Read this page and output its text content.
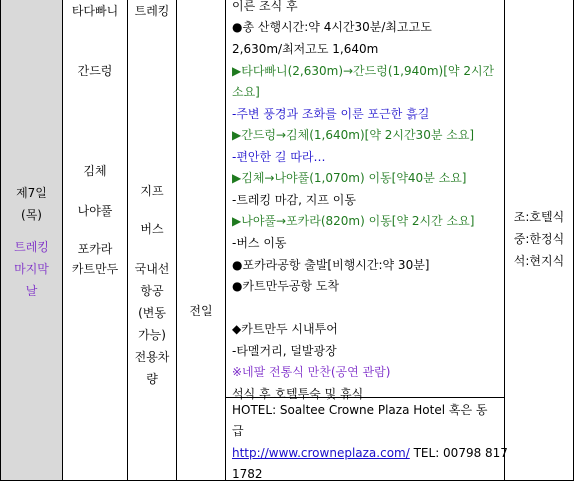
제7일
(목)
트레킹
마지막
날
타다빠니
간드렁
김체
나야풀
포카라
카트만두
트레킹
지프
버스
국내선
항공
(변동
가능)
전용차
량
전일
이른 조식 후
●총 산행시간:약 4시간30분/최고고도
2,630m/최저고도 1,640m
▶타다빠니(2,630m)→간드렁(1,940m)[약 2시간
소요]
-주변 풍경과 조화를 이룬 포근한 흙길
▶간드렁→김체(1,640m)[약 2시간30분 소요]
-편안한 길 따라…
▶김체→나야풀(1,070m) 이동[약40분 소요]
-트레킹 마감, 지프 이동
▶나야풀→포카라(820m) 이동[약 2시간 소요]
-버스 이동
●포카라공항 출발[비행시간:약 30분]
●카트만두공항 도착
◆카트만두 시내투어
-타멜거리, 덜발광장
※네팔 전통식 만찬(공연 관람)
석식 후 호텔투숙 및 휴식
HOTEL: Soaltee Crowne Plaza Hotel 혹은 동
급
http://www.crowneplaza.com/ TEL: 00798 817
1782
조:호텔식
중:한정식
석:현지식
